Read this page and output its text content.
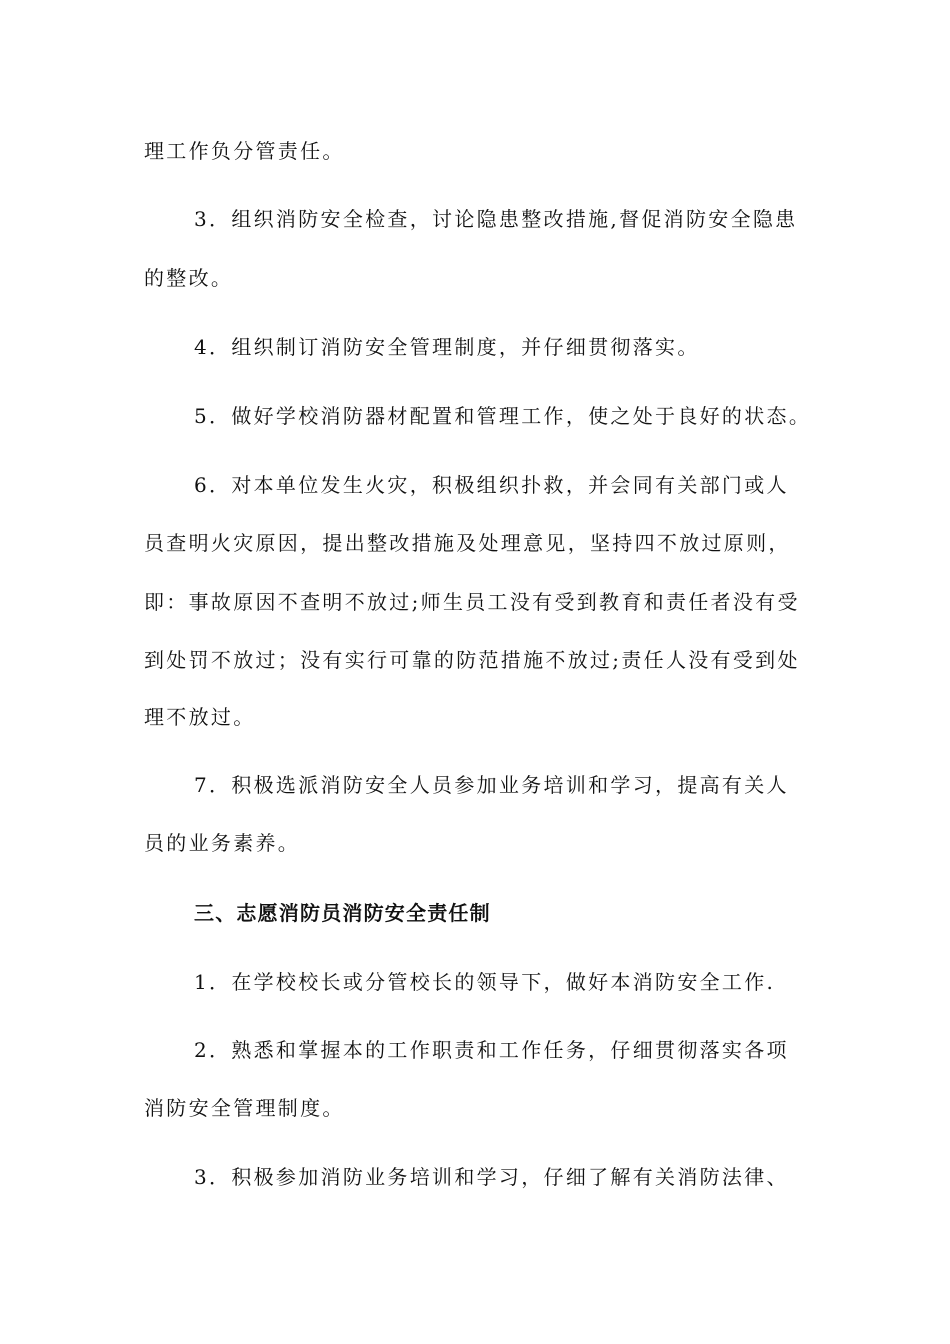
理工作负分管责任。
3．组织消防安全检查，讨论隐患整改措施,督促消防安全隐患
的整改。
4．组织制订消防安全管理制度，并仔细贯彻落实。
5．做好学校消防器材配置和管理工作，使之处于良好的状态。
6．对本单位发生火灾，积极组织扑救，并会同有关部门或人
员查明火灾原因，提出整改措施及处理意见，坚持四不放过原则，
即：事故原因不查明不放过;师生员工没有受到教育和责任者没有受
到处罚不放过；没有实行可靠的防范措施不放过;责任人没有受到处
理不放过。
7．积极选派消防安全人员参加业务培训和学习，提高有关人
员的业务素养。
三、志愿消防员消防安全责任制
1．在学校校长或分管校长的领导下，做好本消防安全工作.
2．熟悉和掌握本的工作职责和工作任务，仔细贯彻落实各项
消防安全管理制度。
3．积极参加消防业务培训和学习，仔细了解有关消防法律、
